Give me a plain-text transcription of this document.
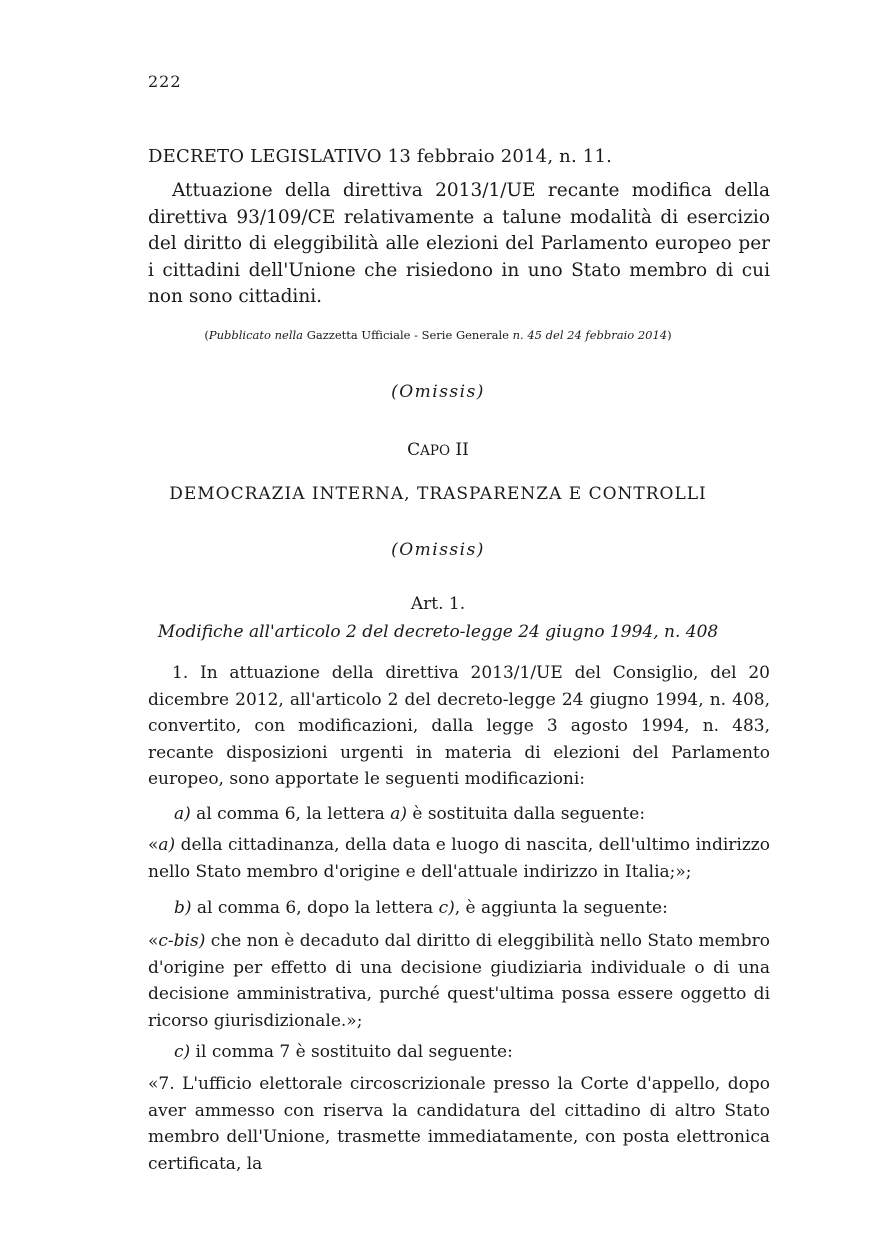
222
DECRETO LEGISLATIVO 13 febbraio 2014, n. 11.
Attuazione della direttiva 2013/1/UE recante modifica della direttiva 93/109/CE relativamente a talune modalità di esercizio del diritto di eleggibilità alle elezioni del Parlamento europeo per i cittadini dell'Unione che risiedono in uno Stato membro di cui non sono cittadini.
(Pubblicato nella Gazzetta Ufficiale - Serie Generale n. 45 del 24 febbraio 2014)
(Omissis)
CAPO II
DEMOCRAZIA INTERNA, TRASPARENZA E CONTROLLI
(Omissis)
Art. 1.
Modifiche all'articolo 2 del decreto-legge 24 giugno 1994, n. 408
1. In attuazione della direttiva 2013/1/UE del Consiglio, del 20 dicembre 2012, all'articolo 2 del decreto-legge 24 giugno 1994, n. 408, convertito, con modificazioni, dalla legge 3 agosto 1994, n. 483, recante disposizioni urgenti in materia di elezioni del Parlamento europeo, sono apportate le seguenti modificazioni:
a) al comma 6, la lettera a) è sostituita dalla seguente:
«a) della cittadinanza, della data e luogo di nascita, dell'ultimo indirizzo nello Stato membro d'origine e dell'attuale indirizzo in Italia;»;
b) al comma 6, dopo la lettera c), è aggiunta la seguente:
«c-bis) che non è decaduto dal diritto di eleggibilità nello Stato membro d'origine per effetto di una decisione giudiziaria individuale o di una decisione amministrativa, purché quest'ultima possa essere oggetto di ricorso giurisdizionale.»;
c) il comma 7 è sostituito dal seguente:
«7. L'ufficio elettorale circoscrizionale presso la Corte d'appello, dopo aver ammesso con riserva la candidatura del cittadino di altro Stato membro dell'Unione, trasmette immediatamente, con posta elettronica certificata, la
